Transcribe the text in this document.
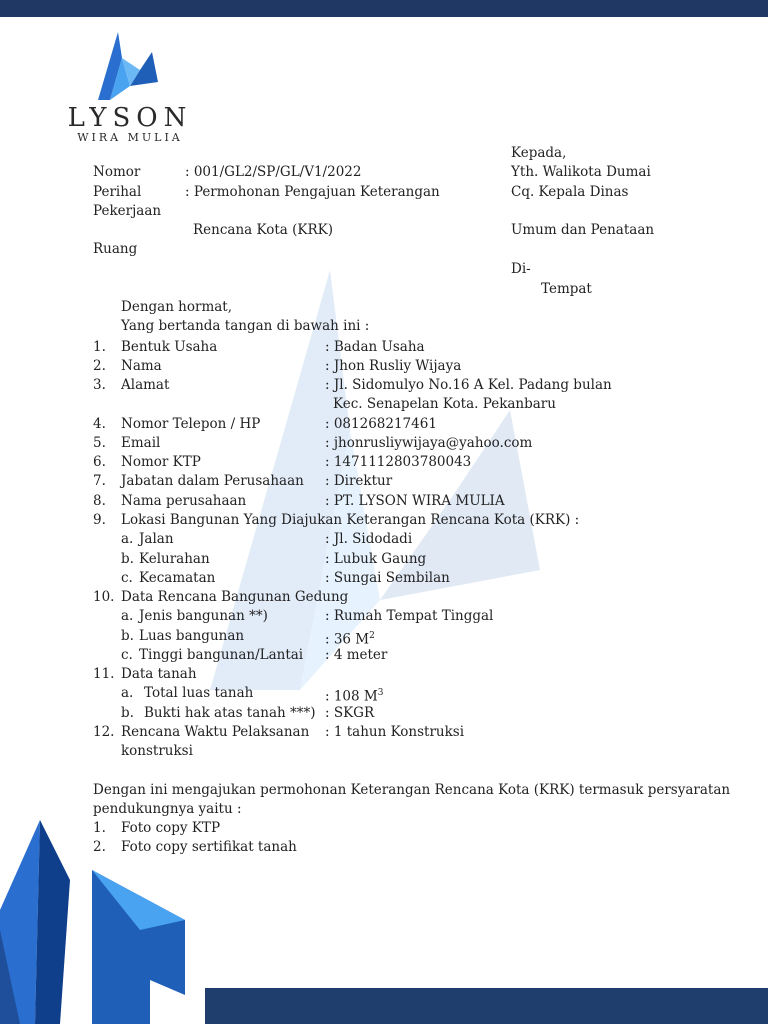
LYSON
WIRA MULIA
Kepada,
Yth. Walikota Dumai
Cq. Kepala Dinas
Umum dan Penataan
Di-
Tempat
Nomor	: 001/GL2/SP/GL/V1/2022
Perihal	: Permohonan Pengajuan Keterangan
Pekerjaan
Rencana Kota (KRK)
Ruang
Dengan hormat,
Yang bertanda tangan di bawah ini :
1. Bentuk Usaha	: Badan Usaha
2. Nama	: Jhon Rusliy Wijaya
3. Alamat	: Jl. Sidomulyo No.16 A Kel. Padang bulan
Kec. Senapelan Kota. Pekanbaru
4. Nomor Telepon / HP	: 081268217461
5. Email	: jhonrusliywijaya@yahoo.com
6. Nomor KTP	: 1471112803780043
7. Jabatan dalam Perusahaan : Direktur
8. Nama perusahaan	: PT. LYSON WIRA MULIA
9. Lokasi Bangunan Yang Diajukan Keterangan Rencana Kota (KRK) :
a. Jalan	: Jl. Sidodadi
b. Kelurahan	: Lubuk Gaung
c. Kecamatan	: Sungai Sembilan
10. Data Rencana Bangunan Gedung
a. Jenis bangunan **)	: Rumah Tempat Tinggal
b. Luas bangunan	: 36 $M^2$
c. Tinggi bangunan/Lantai : 4 meter
11. Data tanah
a. Total luas tanah	: 108 $M^3$
b. Bukti hak atas tanah ***) : SKGR
12. Rencana Waktu Pelaksanan : 1 tahun Konstruksi
konstruksi
Dengan ini mengajukan permohonan Keterangan Rencana Kota (KRK) termasuk persyaratan
pendukungnya yaitu :
1. Foto copy KTP
2. Foto copy sertifikat tanah
